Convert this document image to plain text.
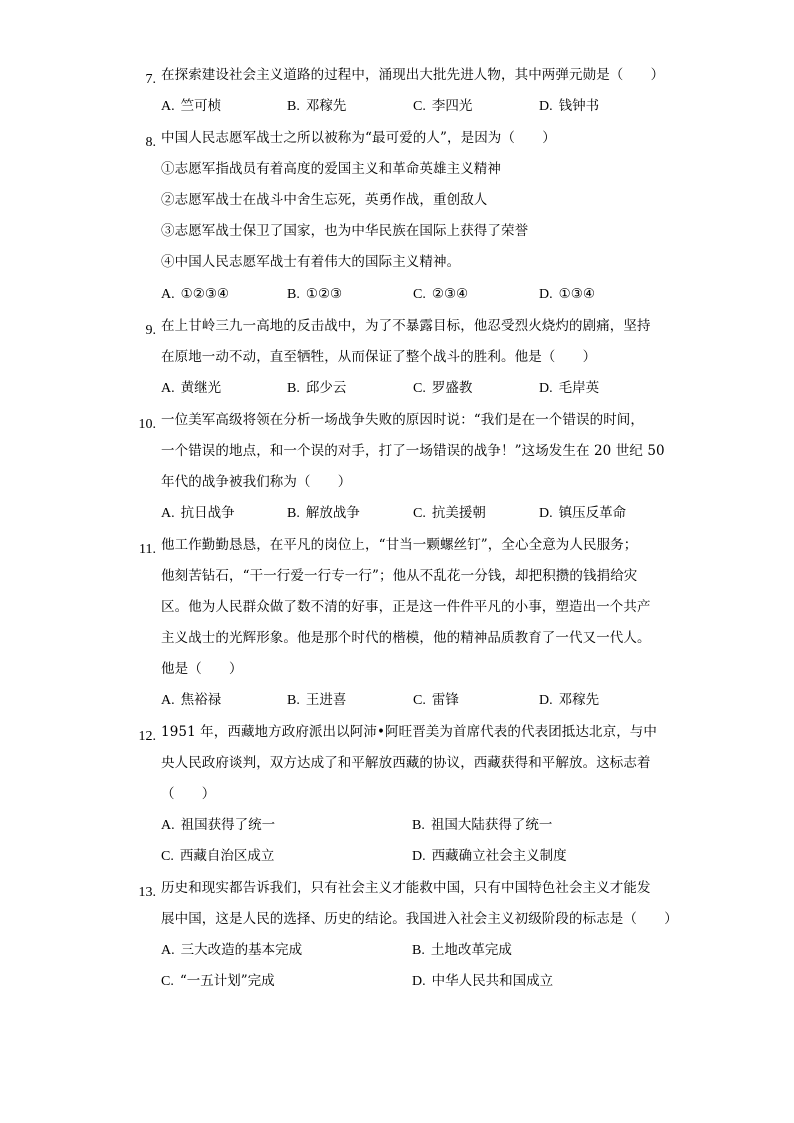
7. 在探索建设社会主义道路的过程中，涌现出大批先进人物，其中两弹元勋是（　　）

A. 竺可桢	B. 邓稼先	C. 李四光	D. 钱钟书
8. 中国人民志愿军战士之所以被称为“最可爱的人”，是因为（　　）

①志愿军指战员有着高度的爱国主义和革命英雄主义精神

②志愿军战士在战斗中舍生忘死，英勇作战，重创敌人

③志愿军战士保卫了国家，也为中华民族在国际上获得了荣誉

④中国人民志愿军战士有着伟大的国际主义精神。

A. ①②③④	B. ①②③	C. ②③④	D. ①③④
9. 在上甘岭三九一高地的反击战中，为了不暴露目标，他忍受烈火烧灼的剧痛，坚持

在原地一动不动，直至牺牲，从而保证了整个战斗的胜利。他是（　　）

A. 黄继光	B. 邱少云	C. 罗盛教	D. 毛岸英
10. 一位美军高级将领在分析一场战争失败的原因时说：“我们是在一个错误的时间，

一个错误的地点，和一个误的对手，打了一场错误的战争！”这场发生在 20 世纪 50

年代的战争被我们称为（　　）

A. 抗日战争	B. 解放战争	C. 抗美援朝	D. 镇压反革命
11. 他工作勤勤恳恳，在平凡的岗位上，“甘当一颗螺丝钉”，全心全意为人民服务；

他刻苦钻石，“干一行爱一行专一行”；他从不乱花一分钱，却把积攒的钱捐给灾

区。他为人民群众做了数不清的好事，正是这一件件平凡的小事，塑造出一个共产

主义战士的光辉形象。他是那个时代的楷模，他的精神品质教育了一代又一代人。

他是（　　）

A. 焦裕禄	B. 王进喜	C. 雷锋	D. 邓稼先
12. 1951 年，西藏地方政府派出以阿沛•阿旺晋美为首席代表的代表团抵达北京，与中

央人民政府谈判，双方达成了和平解放西藏的协议，西藏获得和平解放。这标志着

（　　）

A. 祖国获得了统一	B. 祖国大陆获得了统一
C. 西藏自治区成立	D. 西藏确立社会主义制度
13. 历史和现实都告诉我们，只有社会主义才能救中国，只有中国特色社会主义才能发

展中国，这是人民的选择、历史的结论。我国进入社会主义初级阶段的标志是（　　）

A. 三大改造的基本完成	B. 土地改革完成
C. “一五计划”完成	D. 中华人民共和国成立
